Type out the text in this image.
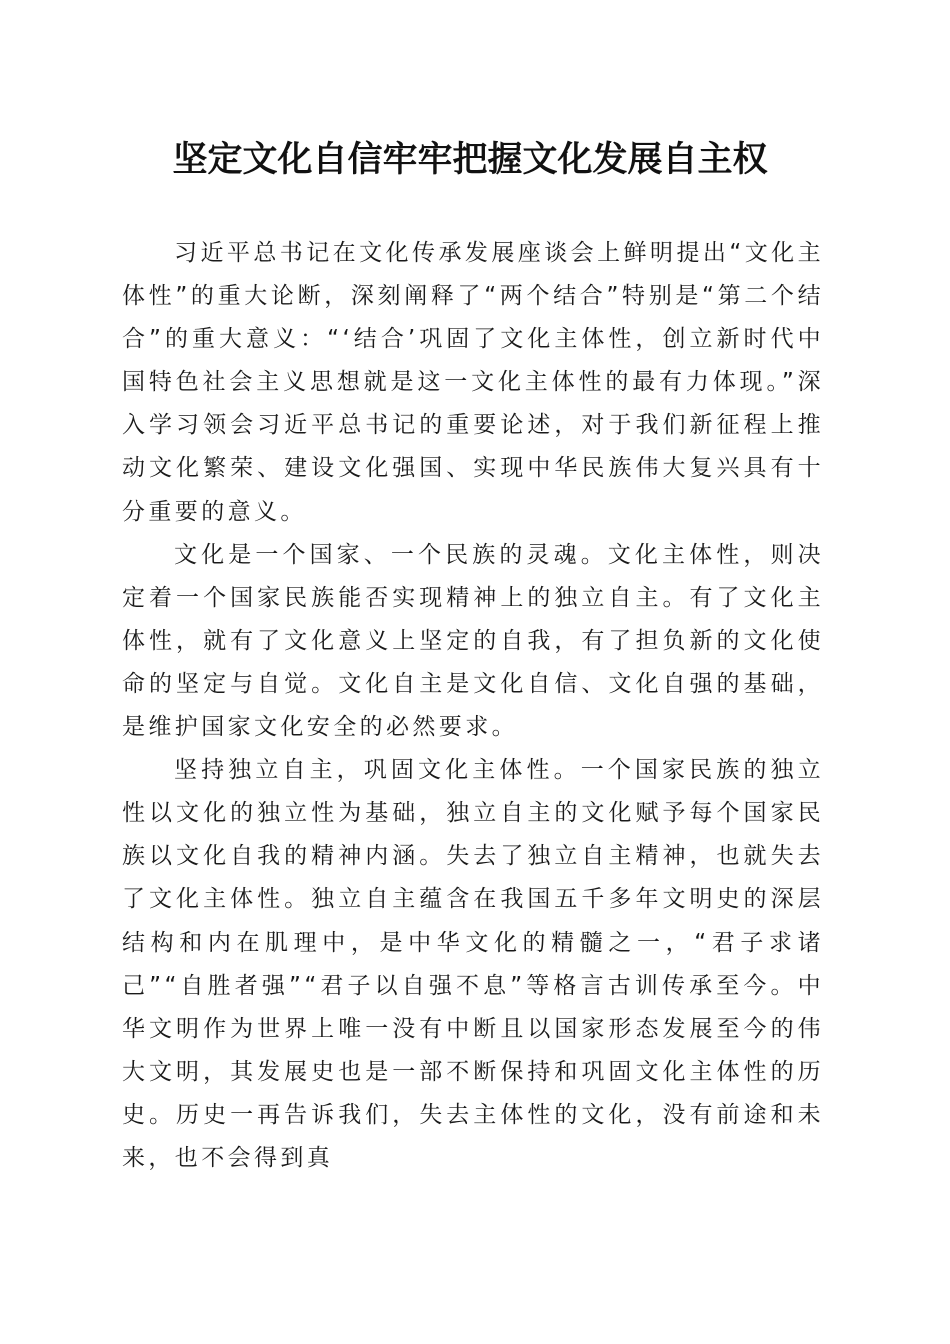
坚定文化自信牢牢把握文化发展自主权

习近平总书记在文化传承发展座谈会上鲜明提出“文化主体性”的重大论断，深刻阐释了“两个结合”特别是“第二个结合”的重大意义：“‘结合’巩固了文化主体性，创立新时代中国特色社会主义思想就是这一文化主体性的最有力体现。”深入学习领会习近平总书记的重要论述，对于我们新征程上推动文化繁荣、建设文化强国、实现中华民族伟大复兴具有十分重要的意义。

文化是一个国家、一个民族的灵魂。文化主体性，则决定着一个国家民族能否实现精神上的独立自主。有了文化主体性，就有了文化意义上坚定的自我，有了担负新的文化使命的坚定与自觉。文化自主是文化自信、文化自强的基础，是维护国家文化安全的必然要求。

坚持独立自主，巩固文化主体性。一个国家民族的独立性以文化的独立性为基础，独立自主的文化赋予每个国家民族以文化自我的精神内涵。失去了独立自主精神，也就失去了文化主体性。独立自主蕴含在我国五千多年文明史的深层结构和内在肌理中，是中华文化的精髓之一，“君子求诸己”“自胜者强”“君子以自强不息”等格言古训传承至今。中华文明作为世界上唯一没有中断且以国家形态发展至今的伟大文明，其发展史也是一部不断保持和巩固文化主体性的历史。历史一再告诉我们，失去主体性的文化，没有前途和未来，也不会得到真
